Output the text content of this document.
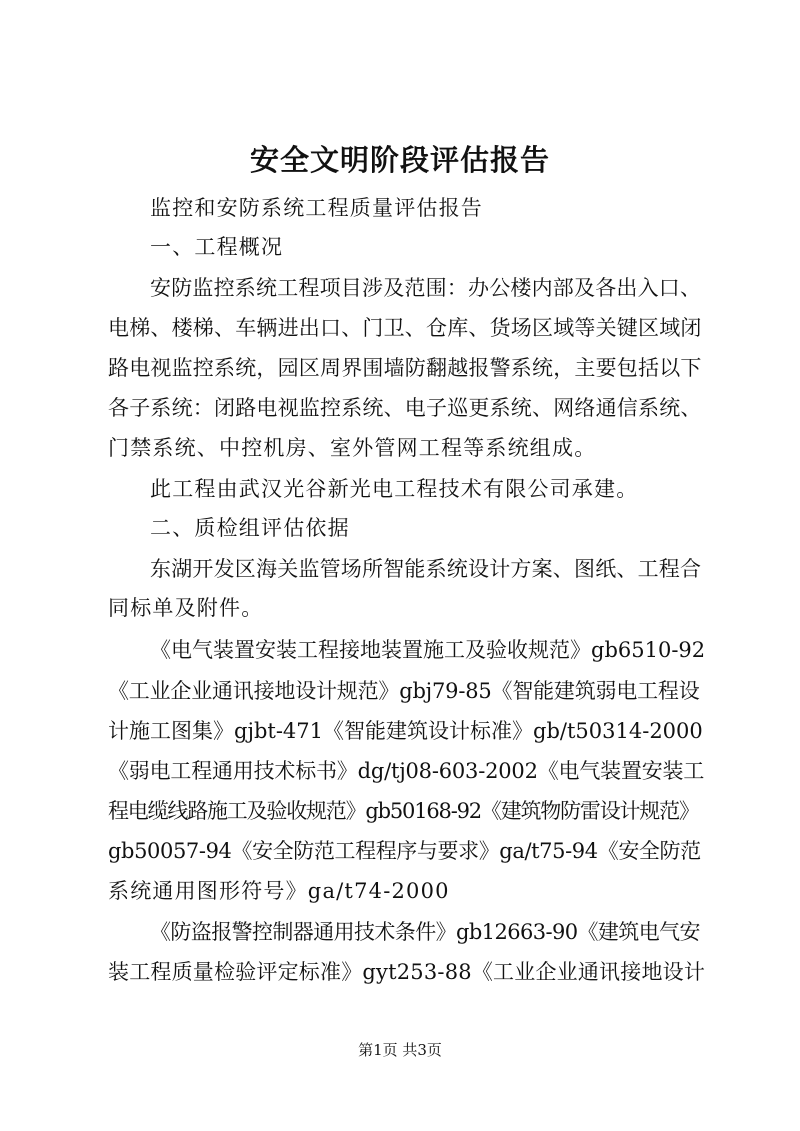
安全文明阶段评估报告
监控和安防系统工程质量评估报告
一、工程概况
安防监控系统工程项目涉及范围：办公楼内部及各出入口、
电梯、楼梯、车辆进出口、门卫、仓库、货场区域等关键区域闭
路电视监控系统，园区周界围墙防翻越报警系统，主要包括以下
各子系统：闭路电视监控系统、电子巡更系统、网络通信系统、
门禁系统、中控机房、室外管网工程等系统组成。
此工程由武汉光谷新光电工程技术有限公司承建。
二、质检组评估依据
东湖开发区海关监管场所智能系统设计方案、图纸、工程合
同标单及附件。
《电气装置安装工程接地装置施工及验收规范》gb6510-92
《工业企业通讯接地设计规范》gbj79-85《智能建筑弱电工程设
计施工图集》gjbt-471《智能建筑设计标准》gb/t50314-2000
《弱电工程通用技术标书》dg/tj08-603-2002《电气装置安装工
程电缆线路施工及验收规范》gb50168-92《建筑物防雷设计规范》
gb50057-94《安全防范工程程序与要求》ga/t75-94《安全防范
系统通用图形符号》ga/t74-2000
《防盗报警控制器通用技术条件》gb12663-90《建筑电气安
装工程质量检验评定标准》gyt253-88《工业企业通讯接地设计
第1页 共3页
